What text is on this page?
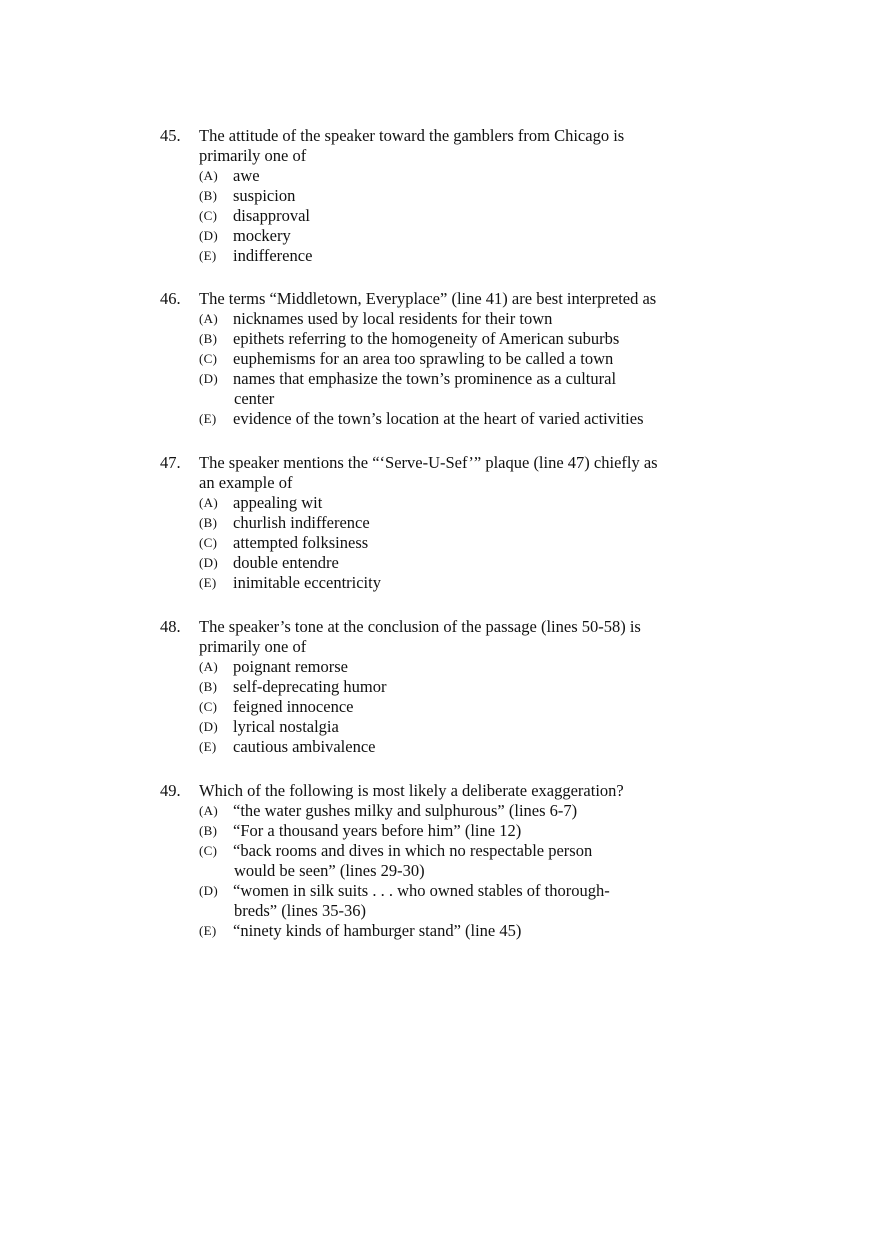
45. The attitude of the speaker toward the gamblers from Chicago is
primarily one of
(A) awe
(B) suspicion
(C) disapproval
(D) mockery
(E) indifference
46. The terms “Middletown, Everyplace” (line 41) are best interpreted as
(A) nicknames used by local residents for their town
(B) epithets referring to the homogeneity of American suburbs
(C) euphemisms for an area too sprawling to be called a town
(D) names that emphasize the town’s prominence as a cultural
center
(E) evidence of the town’s location at the heart of varied activities
47. The speaker mentions the “‘Serve-U-Sef’” plaque (line 47) chiefly as
an example of
(A) appealing wit
(B) churlish indifference
(C) attempted folksiness
(D) double entendre
(E) inimitable eccentricity
48. The speaker’s tone at the conclusion of the passage (lines 50-58) is
primarily one of
(A) poignant remorse
(B) self-deprecating humor
(C) feigned innocence
(D) lyrical nostalgia
(E) cautious ambivalence
49. Which of the following is most likely a deliberate exaggeration?
(A) “the water gushes milky and sulphurous” (lines 6-7)
(B) “For a thousand years before him” (line 12)
(C) “back rooms and dives in which no respectable person
would be seen” (lines 29-30)
(D) “women in silk suits . . . who owned stables of thorough-
breds” (lines 35-36)
(E) “ninety kinds of hamburger stand” (line 45)
